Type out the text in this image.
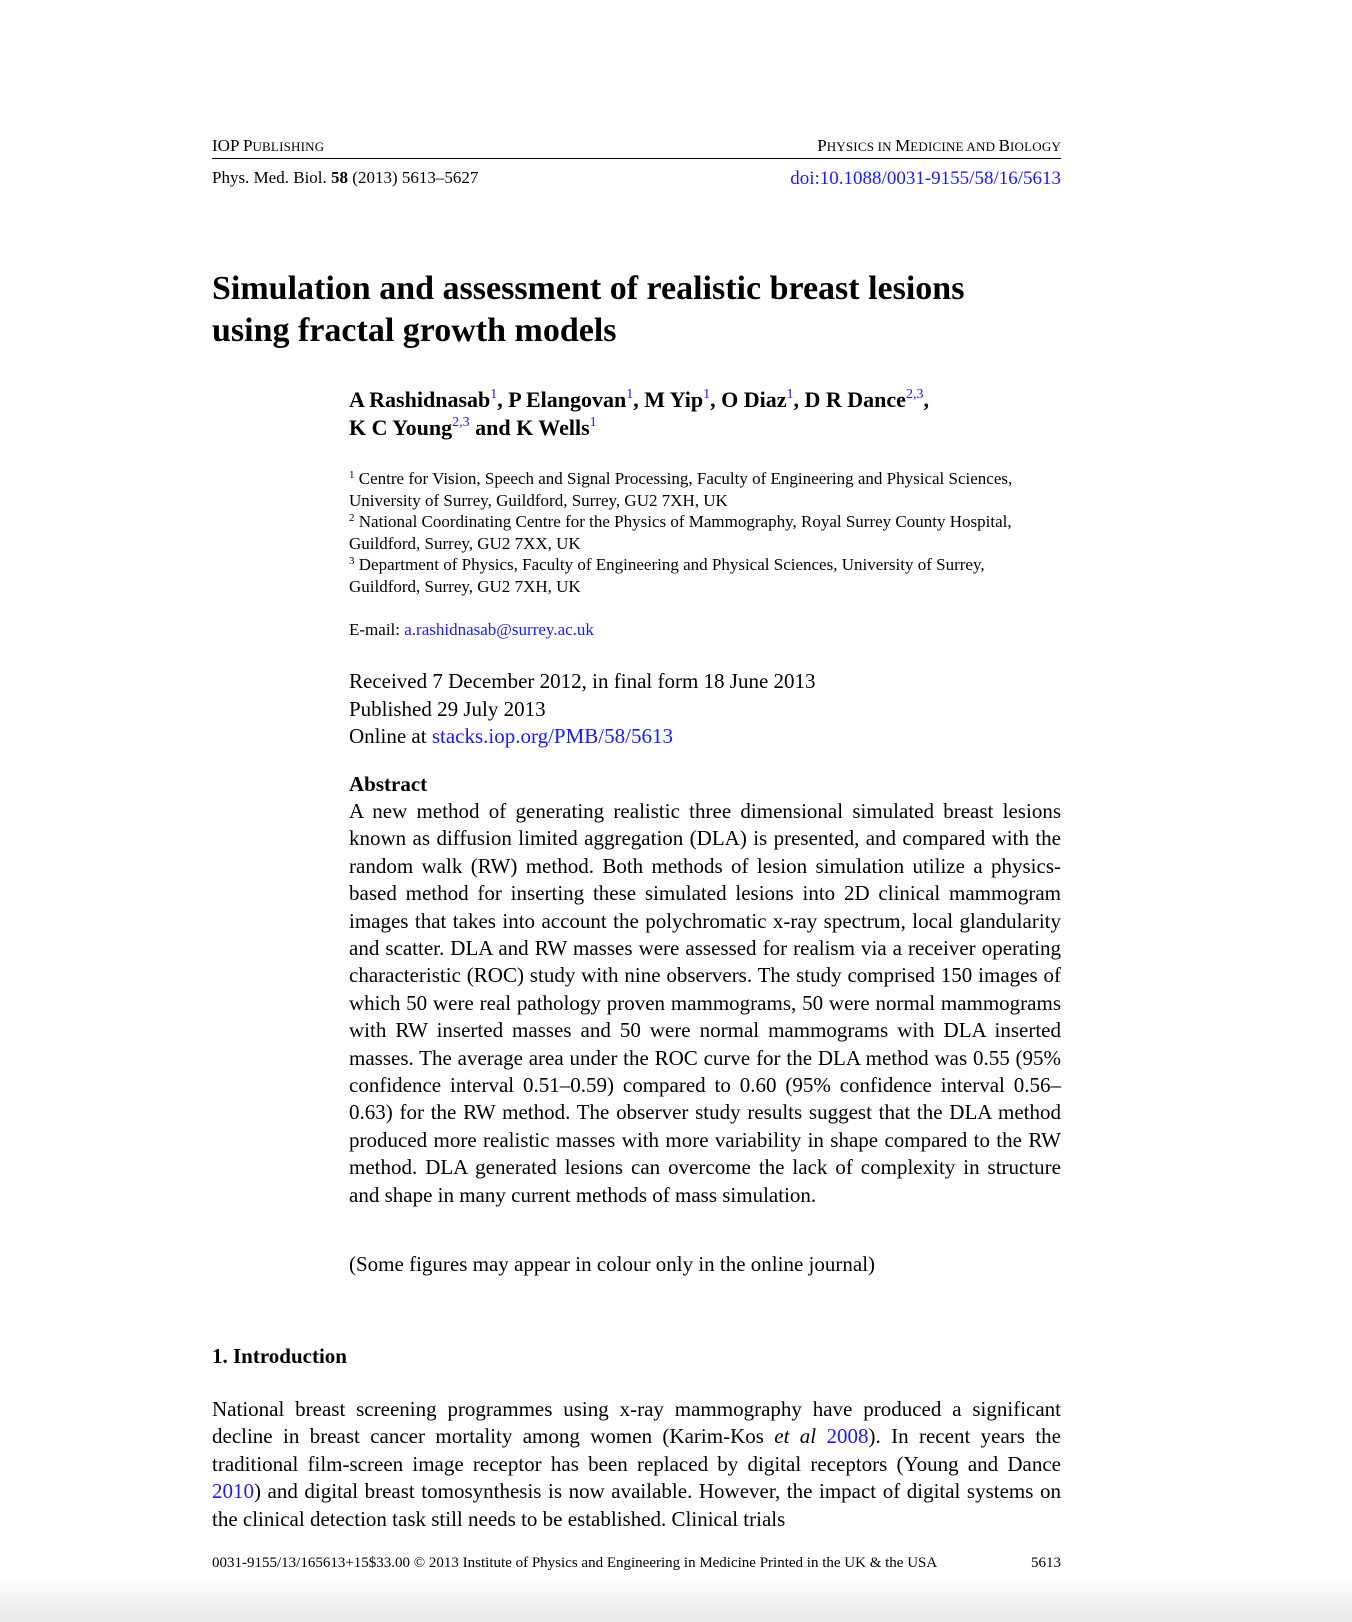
IOP PUBLISHING	PHYSICS IN MEDICINE AND BIOLOGY
Phys. Med. Biol. 58 (2013) 5613–5627	doi:10.1088/0031-9155/58/16/5613
Simulation and assessment of realistic breast lesions
using fractal growth models
A Rashidnasab$^1$, P Elangovan$^1$, M Yip$^1$, O Diaz$^1$, D R Dance$^{2,3}$,
K C Young$^{2,3}$ and K Wells$^1$
$^1$ Centre for Vision, Speech and Signal Processing, Faculty of Engineering and Physical Sciences,
University of Surrey, Guildford, Surrey, GU2 7XH, UK
$^2$ National Coordinating Centre for the Physics of Mammography, Royal Surrey County Hospital,
Guildford, Surrey, GU2 7XX, UK
$^3$ Department of Physics, Faculty of Engineering and Physical Sciences, University of Surrey,
Guildford, Surrey, GU2 7XH, UK
E-mail: a.rashidnasab@surrey.ac.uk
Received 7 December 2012, in final form 18 June 2013
Published 29 July 2013
Online at stacks.iop.org/PMB/58/5613
Abstract

A new method of generating realistic three dimensional simulated breast lesions known as diffusion limited aggregation (DLA) is presented, and compared with the random walk (RW) method. Both methods of lesion simulation utilize a physics-based method for inserting these simulated lesions into 2D clinical mammogram images that takes into account the polychromatic x-ray spectrum, local glandularity and scatter. DLA and RW masses were assessed for realism via a receiver operating characteristic (ROC) study with nine observers. The study comprised 150 images of which 50 were real pathology proven mammograms, 50 were normal mammograms with RW inserted masses and 50 were normal mammograms with DLA inserted masses. The average area under the ROC curve for the DLA method was 0.55 (95% confidence interval 0.51–0.59) compared to 0.60 (95% confidence interval 0.56–0.63) for the RW method. The observer study results suggest that the DLA method produced more realistic masses with more variability in shape compared to the RW method. DLA generated lesions can overcome the lack of complexity in structure and shape in many current methods of mass simulation.

(Some figures may appear in colour only in the online journal)
1. Introduction

National breast screening programmes using x-ray mammography have produced a significant decline in breast cancer mortality among women (Karim-Kos et al 2008). In recent years the traditional film-screen image receptor has been replaced by digital receptors (Young and Dance 2010) and digital breast tomosynthesis is now available. However, the impact of digital systems on the clinical detection task still needs to be established. Clinical trials

0031-9155/13/165613+15$33.00 © 2013 Institute of Physics and Engineering in Medicine Printed in the UK & the USA	5613
